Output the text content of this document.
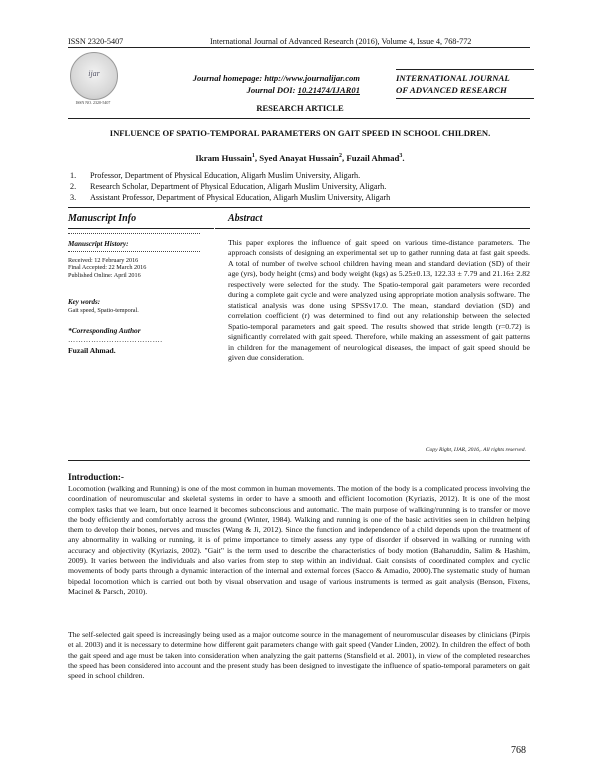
ISSN 2320-5407	International Journal of Advanced Research (2016), Volume 4, Issue 4, 768-772
ijar
ISSN NO. 2320-5407
Journal homepage: http://www.journalijar.com
Journal DOI: 10.21474/IJAR01
INTERNATIONAL JOURNAL
OF ADVANCED RESEARCH
RESEARCH ARTICLE
INFLUENCE OF SPATIO-TEMPORAL PARAMETERS ON GAIT SPEED IN SCHOOL CHILDREN.
Ikram Hussain$^1$, Syed Anayat Hussain$^2$, Fuzail Ahmad$^3$.
1. Professor, Department of Physical Education, Aligarh Muslim University, Aligarh.
2. Research Scholar, Department of Physical Education, Aligarh Muslim University, Aligarh.
3. Assistant Professor, Department of Physical Education, Aligarh Muslim University, Aligarh
Manuscript Info	Abstract
Manuscript History:
Received: 12 February 2016
Final Accepted: 22 March 2016
Published Online: April 2016
Key words:
Gait speed, Spatio-temporal.
*Corresponding Author
……………………………….
Fuzail Ahmad.
This paper explores the influence of gait speed on various time-distance parameters. The approach consists of designing an experimental set up to gather running data at fast gait speeds. A total of number of twelve school children having mean and standard deviation (SD) of their age (yrs), body height (cms) and body weight (kgs) as 5.25±0.13, 122.33 ± 7.79 and 21.16± 2.82 respectively were selected for the study. The Spatio-temporal gait parameters were recorded during a complete gait cycle and were analyzed using appropriate motion analysis software. The statistical analysis was done using SPSSv17.0. The mean, standard deviation (SD) and correlation coefficient (r) was determined to find out any relationship between the selected Spatio-temporal parameters and gait speed. The results showed that stride length (r=0.72) is significantly correlated with gait speed. Therefore, while making an assessment of gait patterns in children for the management of neurological diseases, the impact of gait speed should be given due consideration.
Copy Right, IJAR, 2016,. All rights reserved.
Introduction:-
Locomotion (walking and Running) is one of the most common in human movements. The motion of the body is a complicated process involving the coordination of neuromuscular and skeletal systems in order to have a smooth and efficient locomotion (Kyriazis, 2012). It is one of the most complex tasks that we learn, but once learned it becomes subconscious and automatic. The main purpose of walking/running is to transfer or move the body efficiently and comfortably across the ground (Winter, 1984). Walking and running is one of the basic activities seen in children helping them to develop their bones, nerves and muscles (Wang & Ji, 2012). Since the function and independence of a child depends upon the treatment of any abnormality in walking or running, it is of prime importance to timely assess any type of disorder if observed in walking or running with accuracy and objectivity (Kyriazis, 2002). "Gait" is the term used to describe the characteristics of body motion (Baharuddin, Salim & Hashim, 2009). It varies between the individuals and also varies from step to step within an individual. Gait consists of coordinated complex and cyclic movements of body parts through a dynamic interaction of the internal and external forces (Sacco & Amadio, 2000).The systematic study of human bipedal locomotion which is carried out both by visual observation and usage of various instruments is termed as gait analysis (Benson, Fixens, Macinel & Parsch, 2010).
The self-selected gait speed is increasingly being used as a major outcome source in the management of neuromuscular diseases by clinicians (Pirpis et al. 2003) and it is necessary to determine how different gait parameters change with gait speed (Vander Linden, 2002). In children the effect of both the gait speed and age must be taken into consideration when analyzing the gait patterns (Stansfield et al. 2001), in view of the completed researches the speed has been considered into account and the present study has been designed to investigate the influence of spatio-temporal parameters on gait speed in school children.
768
